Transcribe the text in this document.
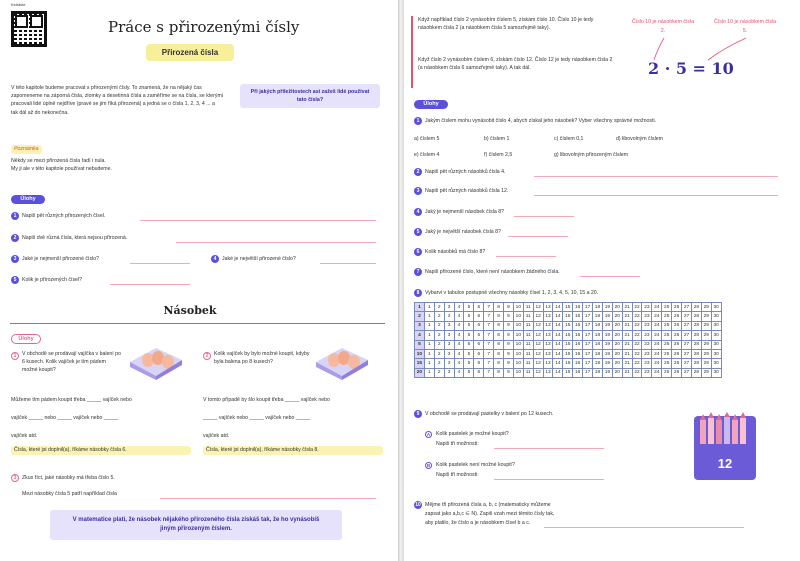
Kidsbee
Práce s přirozenými čísly
Přirozená čísla
V této kapitole budeme pracovat s přirozenými čísly. To znamená, že na nějaký čas zapomeneme na záporná čísla, zlomky a desetinná čísla a zaměříme se na čísla, se kterými pracovali lidé úplně nejdříve (pravé se jim říká přirozená) a jedná se o čísla 1, 2, 3, 4 ... a tak dál až do nekonečna.
Při jakých příležitostech asi zažeš lidé používat tato čísla?
Poznámka
Někdy se mezi přirozená čísla řadí i nula.
My ji ale v této kapitole používat nebudeme.
Úlohy
1	Napiš pět různých přirozených čísel.
2	Napiš dvě různá čísla, která nejsou přirozená.
3	Jaké je nejmenší přirozené číslo?	4	Jaké je největší přirozené číslo?
5	Kolik je přirozených čísel?
Násobek
Úlohy
1	V obchodě se prodávají vajíčka v balení po 6 kusech. Kolik vajíček je tím pádem možné koupit?
Můžeme tím pádem koupit třeba _____ vajíček nebo
vajíček _____ nebo _____ vajíček nebo _____
vajíček atd.
Čísla, které jsi doplnil(a), říkáme násobky čísla 6.
2	Kolik vajíček by bylo možné koupit, kdyby byla balena po 8 kusech?
V tomto případě by šlo koupit třeba _____ vajíček nebo
_____ vajíček nebo _____ vajíček nebo _____
vajíček atd.
Čísla, které jsi doplnil(a), říkáme násobky čísla 8.
3	Zkus říct, jaké násobky má třeba číslo 5.
Mezi násobky čísla 5 patří například čísla
V matematice platí, že násobek nějakého přirozeného čísla získáš tak, že ho vynásobíš jiným přirozeným číslem.
Když například číslo 2 vynásobím číslem 5, získám číslo 10. Číslo 10 je tedy násobkem čísla 2 (a násobkem čísla 5 samozřejmě taky).
Když číslo 2 vynásobím číslem 6, získám číslo 12. Číslo 12 je tedy násobkem čísla 2 (a násobkem čísla 6 samozřejmě taky). A tak dál.
Číslo 10 je násobkem čísla 2.
Číslo 10 je násobkem čísla 5.
2 · 5 = 10
Úlohy
1	Jakým číslem mohu vynásobit číslo 4, abych získal jeho násobek? Vyber všechny správné možnosti.
a) číslem 5	b) číslem 1	c) číslem 0,1	d) libovolným číslem
e) číslem 4	f) číslem 2,5	g) libovolným přirozeným číslem
2	Napiš pět různých násobků čísla 4.
3	Napiš pět různých násobků čísla 12.
4	Jaký je nejmenší násobek čísla 8?
5	Jaký je největší násobek čísla 8?
6	Kolik násobků má číslo 8?
7	Napiš přirozené číslo, které není násobkem žádného čísla.
8	Vybarvi v tabulce postupně všechny násobky čísel 1, 2, 3, 4, 5, 10, 15 a 20.
1	1	2	3	4	5	6	7	8	9	10	11	12	13	14	15	16	17	18	19	20	21	22	23	24	25	26	27	28	29	30
2	1	2	3	4	5	6	7	8	9	10	11	12	13	14	15	16	17	18	19	20	21	22	23	24	25	26	27	28	29	30
3	1	2	3	4	5	6	7	8	9	10	11	12	13	14	15	16	17	18	19	20	21	22	23	24	25	26	27	28	29	30
4	1	2	3	4	5	6	7	8	9	10	11	12	13	14	15	16	17	18	19	20	21	22	23	24	25	26	27	28	29	30
5	1	2	3	4	5	6	7	8	9	10	11	12	13	14	15	16	17	18	19	20	21	22	23	24	25	26	27	28	29	30
10	1	2	3	4	5	6	7	8	9	10	11	12	13	14	15	16	17	18	19	20	21	22	23	24	25	26	27	28	29	30
15	1	2	3	4	5	6	7	8	9	10	11	12	13	14	15	16	17	18	19	20	21	22	23	24	25	26	27	28	29	30
20	1	2	3	4	5	6	7	8	9	10	11	12	13	14	15	16	17	18	19	20	21	22	23	24	25	26	27	28	29	30
9	V obchodě se prodávají pastelky v balení po 12 kusech.
A	Kolik pastelek je možné koupit?
Napiš tři možnosti:
B	Kolik pastelek není možné koupit?
Napiš tři možnosti:
12
10 Mějme tři přirozená čísla a, b, c (matematicky můžeme
zapsat jako a,b,c ∈ N). Zapiš vzah mezi těmito čísly tak,
aby platilo, že číslo a je násobkem čísel b a c.
